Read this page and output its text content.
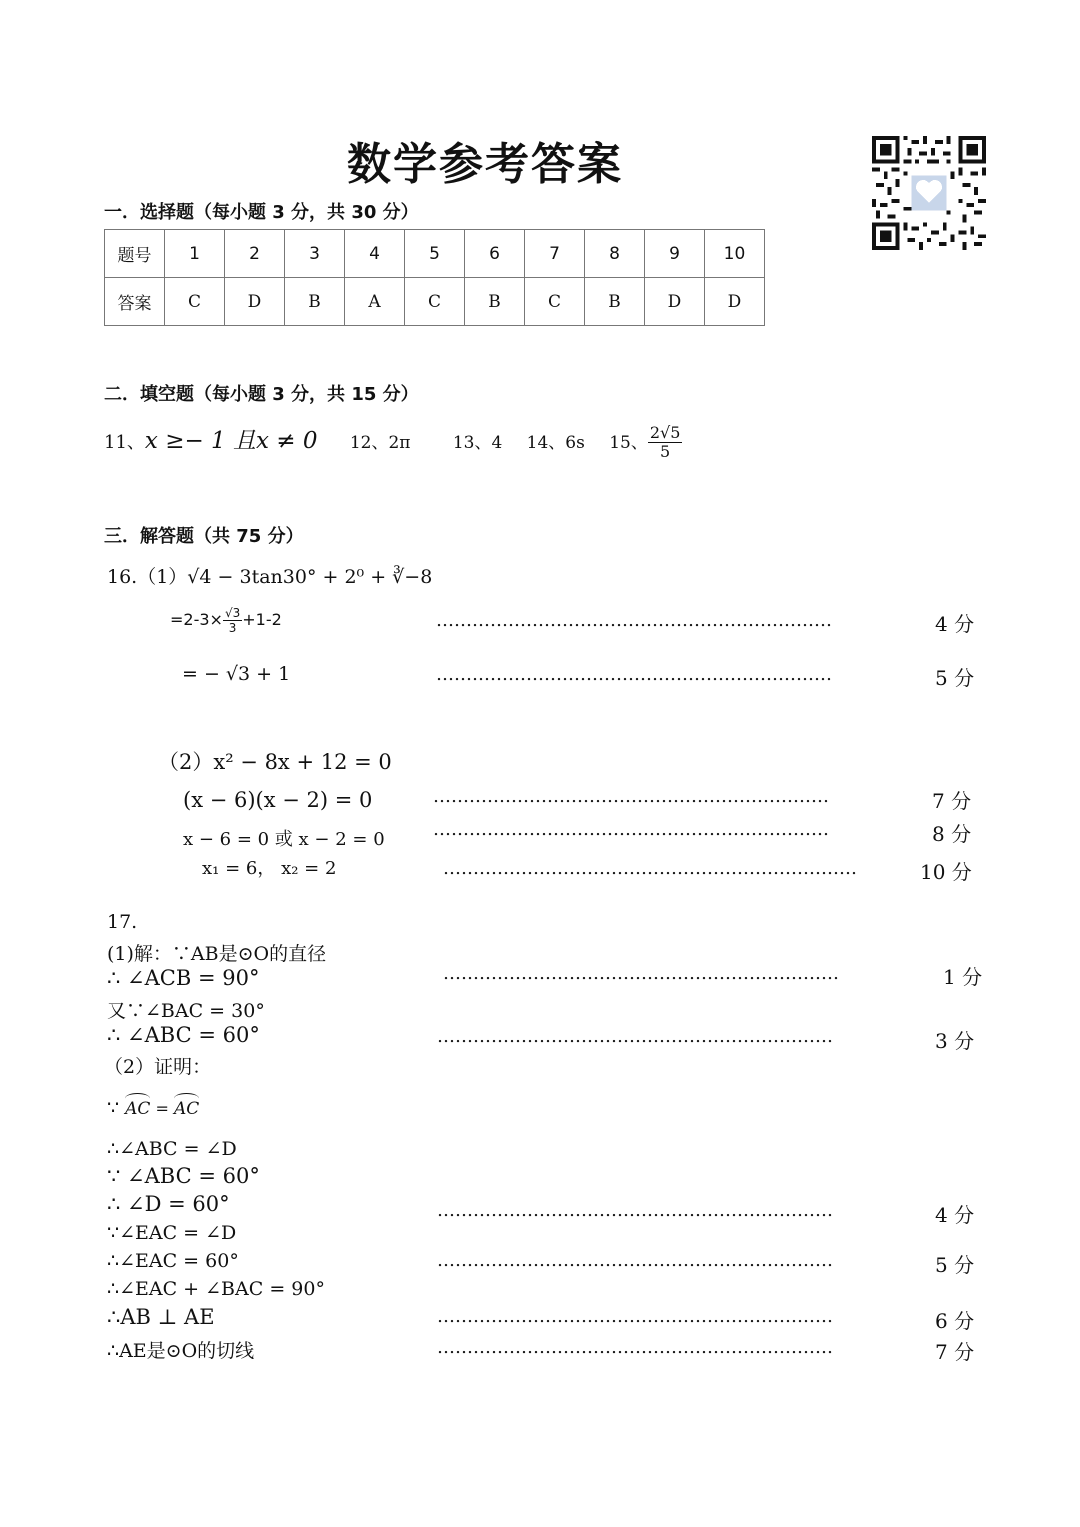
数学参考答案
一．选择题（每小题 3 分，共 30 分）
题号	1	2	3	4	5	6	7	8	9	10
答案	C	D	B	A	C	B	C	B	D	D
二．填空题（每小题 3 分，共 15 分）
11、x ≥− 1 且x ≠ 0 12、2π 13、4 14、6s 15、 $\frac{2√5}{5}$
三．解答题（共 75 分）
16.（1）√4 − 3tan30° + 2⁰ + ∛−8
$=2-3\times \frac{√3}{3} +1-2$	…………………………………………………………	4 分
= − √3 + 1	…………………………………………………………	5 分
（2）x² − 8x + 12 = 0
(x − 6)(x − 2) = 0	…………………………………………………………	7 分
x − 6 = 0 或 x − 2 = 0	…………………………………………………………	8 分
x₁ = 6， x₂ = 2	……………………………………………………………	10 分
17.
(1)解：∵AB是⊙O的直径
∴ ∠ACB = 90°	…………………………………………………………	1 分
又∵∠BAC = 30°
∴ ∠ABC = 60°	…………………………………………………………	3 分
（2）证明：
∵ AC = AC
∴∠ABC = ∠D
∵ ∠ABC = 60°
∴ ∠D = 60°	…………………………………………………………	4 分
∵∠EAC = ∠D
∴∠EAC = 60°	…………………………………………………………	5 分
∴∠EAC + ∠BAC = 90°
∴AB ⊥ AE	…………………………………………………………	6 分
∴AE是⊙O的切线	…………………………………………………………	7 分
